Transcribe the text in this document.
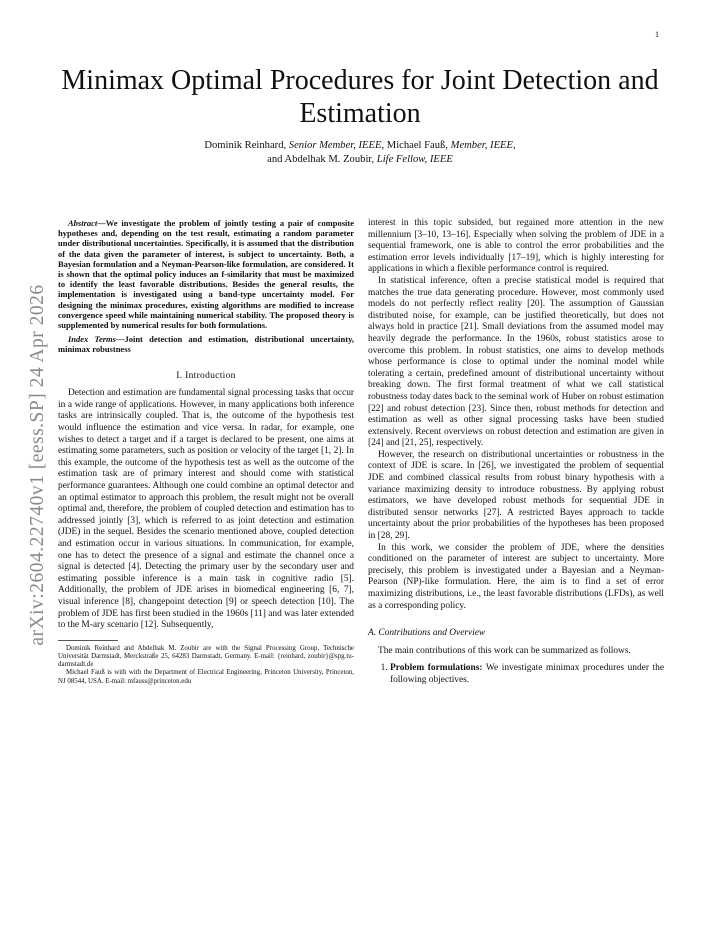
1
arXiv:2604.22740v1 [eess.SP] 24 Apr 2026
Minimax Optimal Procedures for Joint Detection and Estimation
Dominik Reinhard, Senior Member, IEEE, Michael Fauß, Member, IEEE,
and Abdelhak M. Zoubir, Life Fellow, IEEE

Abstract—We investigate the problem of jointly testing a pair of composite hypotheses and, depending on the test result, estimating a random parameter under distributional uncertainties. Specifically, it is assumed that the distribution of the data given the parameter of interest, is subject to uncertainty. Both, a Bayesian formulation and a Neyman-Pearson-like formulation, are considered. It is shown that the optimal policy induces an f-similarity that must be maximized to identify the least favorable distributions. Besides the general results, the implementation is investigated using a band-type uncertainty model. For designing the minimax procedures, existing algorithms are modified to increase convergence speed while maintaining numerical stability. The proposed theory is supplemented by numerical results for both formulations.

Index Terms—Joint detection and estimation, distributional uncertainty, minimax robustness

I. Introduction

Detection and estimation are fundamental signal processing tasks that occur in a wide range of applications. However, in many applications both inference tasks are intrinsically coupled. That is, the outcome of the hypothesis test would influence the estimation and vice versa. In radar, for example, one wishes to detect a target and if a target is declared to be present, one aims at estimating some parameters, such as position or velocity of the target [1, 2]. In this example, the outcome of the hypothesis test as well as the outcome of the estimation task are of primary interest and should come with statistical performance guarantees. Although one could combine an optimal detector and an optimal estimator to approach this problem, the result might not be overall optimal and, therefore, the problem of coupled detection and estimation has to addressed jointly [3], which is referred to as joint detection and estimation (JDE) in the sequel. Besides the scenario mentioned above, coupled detection and estimation occur in various situations. In communication, for example, one has to detect the presence of a signal and estimate the channel once a signal is detected [4]. Detecting the primary user by the secondary user and estimating possible inference is a main task in cognitive radio [5]. Additionally, the problem of JDE arises in biomedical engineering [6, 7], visual inference [8], changepoint detection [9] or speech detection [10]. The problem of JDE has first been studied in the 1960s [11] and was later extended to the M-ary scenario [12]. Subsequently,

Dominik Reinhard and Abdelhak M. Zoubir are with the Signal Processing Group, Technische Universität Darmstadt, Merckstraße 25, 64283 Darmstadt, Germany. E-mail: {reinhard, zoubir}@spg.tu-darmstadt.de

Michael Fauß is with with the Department of Electrical Engineering, Princeton University, Princeton, NJ 08544, USA. E-mail: mfauss@princeton.edu

interest in this topic subsided, but regained more attention in the new millennium [3–10, 13–16]. Especially when solving the problem of JDE in a sequential framework, one is able to control the error probabilities and the estimation error levels individually [17–19], which is highly interesting for applications in which a flexible performance control is required.

In statistical inference, often a precise statistical model is required that matches the true data generating procedure. However, most commonly used models do not perfectly reflect reality [20]. The assumption of Gaussian distributed noise, for example, can be justified theoretically, but does not always hold in practice [21]. Small deviations from the assumed model may heavily degrade the performance. In the 1960s, robust statistics arose to overcome this problem. In robust statistics, one aims to develop methods whose performance is close to optimal under the nominal model while tolerating a certain, predefined amount of distributional uncertainty without breaking down. The first formal treatment of what we call statistical robustness today dates back to the seminal work of Huber on robust estimation [22] and robust detection [23]. Since then, robust methods for detection and estimation as well as other signal processing tasks have been studied extensively. Recent overviews on robust detection and estimation are given in [24] and [21, 25], respectively.

However, the research on distributional uncertainties or robustness in the context of JDE is scare. In [26], we investigated the problem of sequential JDE and combined classical results from robust binary hypothesis with a variance maximizing density to introduce robustness. By applying robust estimators, we have developed robust methods for sequential JDE in distributed sensor networks [27]. A restricted Bayes approach to tackle uncertainty about the prior probabilities of the hypotheses has been proposed in [28, 29].

In this work, we consider the problem of JDE, where the densities conditioned on the parameter of interest are subject to uncertainty. More precisely, this problem is investigated under a Bayesian and a Neyman-Pearson (NP)-like formulation. Here, the aim is to find a set of error maximizing distributions, i.e., the least favorable distributions (LFDs), as well as a corresponding policy.

A. Contributions and Overview

The main contributions of this work can be summarized as follows.

1. Problem formulations: We investigate minimax procedures under the following objectives.
